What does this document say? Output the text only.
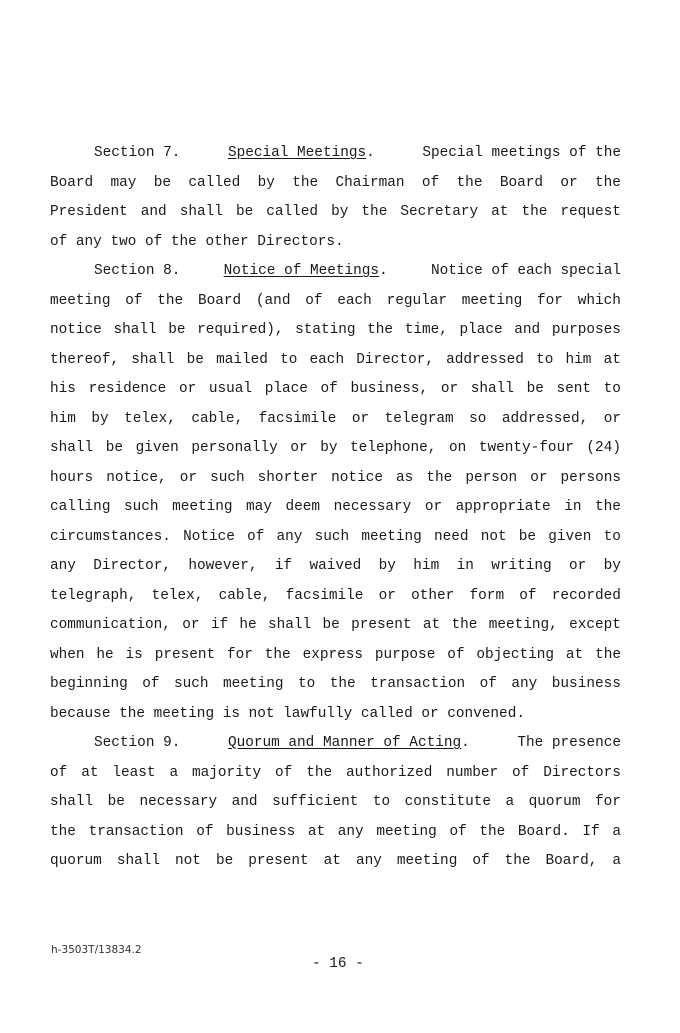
Section 7.	Special Meetings.	Special meetings of the
Board may be called by the Chairman of the Board or the
President and shall be called by the Secretary at the request
of any two of the other Directors.
Section 8.	Notice of Meetings.	Notice of each special
meeting of the Board (and of each regular meeting for which
notice shall be required), stating the time, place and purposes
thereof, shall be mailed to each Director, addressed to him at
his residence or usual place of business, or shall be sent to
him by telex, cable, facsimile or telegram so addressed, or
shall be given personally or by telephone, on twenty-four (24)
hours notice, or such shorter notice as the person or persons
calling such meeting may deem necessary or appropriate in the
circumstances. Notice of any such meeting need not be given to
any Director, however, if waived by him in writing or by
telegraph, telex, cable, facsimile or other form of recorded
communication, or if he shall be present at the meeting, except
when he is present for the express purpose of objecting at the
beginning of such meeting to the transaction of any business
because the meeting is not lawfully called or convened.
Section 9.	Quorum and Manner of Acting.	The presence
of at least a majority of the authorized number of Directors
shall be necessary and sufficient to constitute a quorum for
the transaction of business at any meeting of the Board. If a
quorum shall not be present at any meeting of the Board, a
h-3503T/13834.2
- 16 -
